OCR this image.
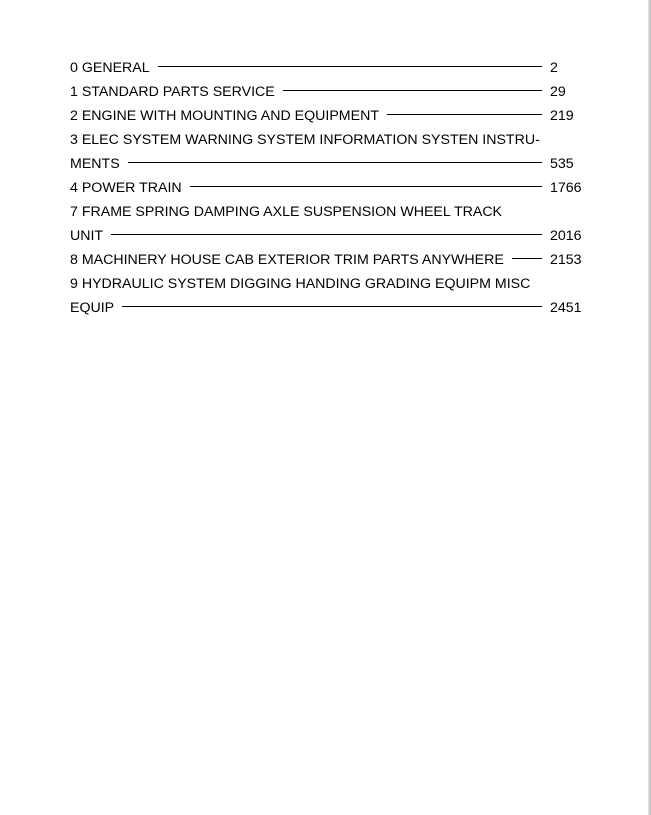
0 GENERAL	2
1 STANDARD PARTS SERVICE	29
2 ENGINE WITH MOUNTING AND EQUIPMENT	219
3 ELEC SYSTEM WARNING SYSTEM INFORMATION SYSTEN INSTRU-
MENTS	535
4 POWER TRAIN	1766
7 FRAME SPRING DAMPING AXLE SUSPENSION WHEEL TRACK
UNIT	2016
8 MACHINERY HOUSE CAB EXTERIOR TRIM PARTS ANYWHERE	2153
9 HYDRAULIC SYSTEM DIGGING HANDING GRADING EQUIPM MISC
EQUIP	2451
